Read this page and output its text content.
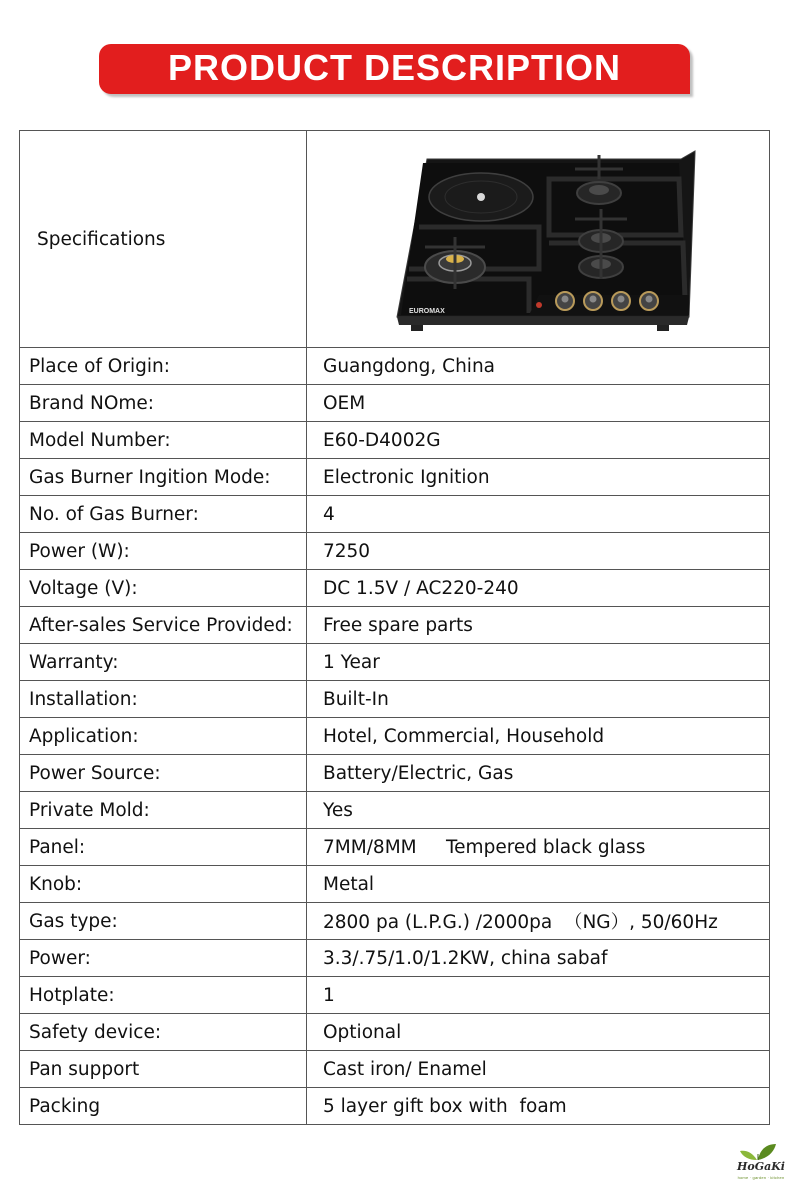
PRODUCT DESCRIPTION
Specifications	EUROMAX

Place of Origin:	Guangdong, China
Brand NOme:	OEM
Model Number:	E60-D4002G
Gas Burner Ingition Mode:	Electronic Ignition
No. of Gas Burner:	4
Power (W):	7250
Voltage (V):	DC 1.5V / AC220-240
After-sales Service Provided:	Free spare parts
Warranty:	1 Year
Installation:	Built-In
Application:	Hotel, Commercial, Household
Power Source:	Battery/Electric, Gas
Private Mold:	Yes
Panel:	7MM/8MM     Tempered black glass
Knob:	Metal
Gas type:	2800 pa (L.P.G.) /2000pa  （NG）, 50/60Hz
Power:	3.3/.75/1.0/1.2KW, china sabaf
Hotplate:	1
Safety device:	Optional
Pan support	Cast iron/ Enamel
Packing	5 layer gift box with  foam
HoGaKi
home · garden · kitchen
